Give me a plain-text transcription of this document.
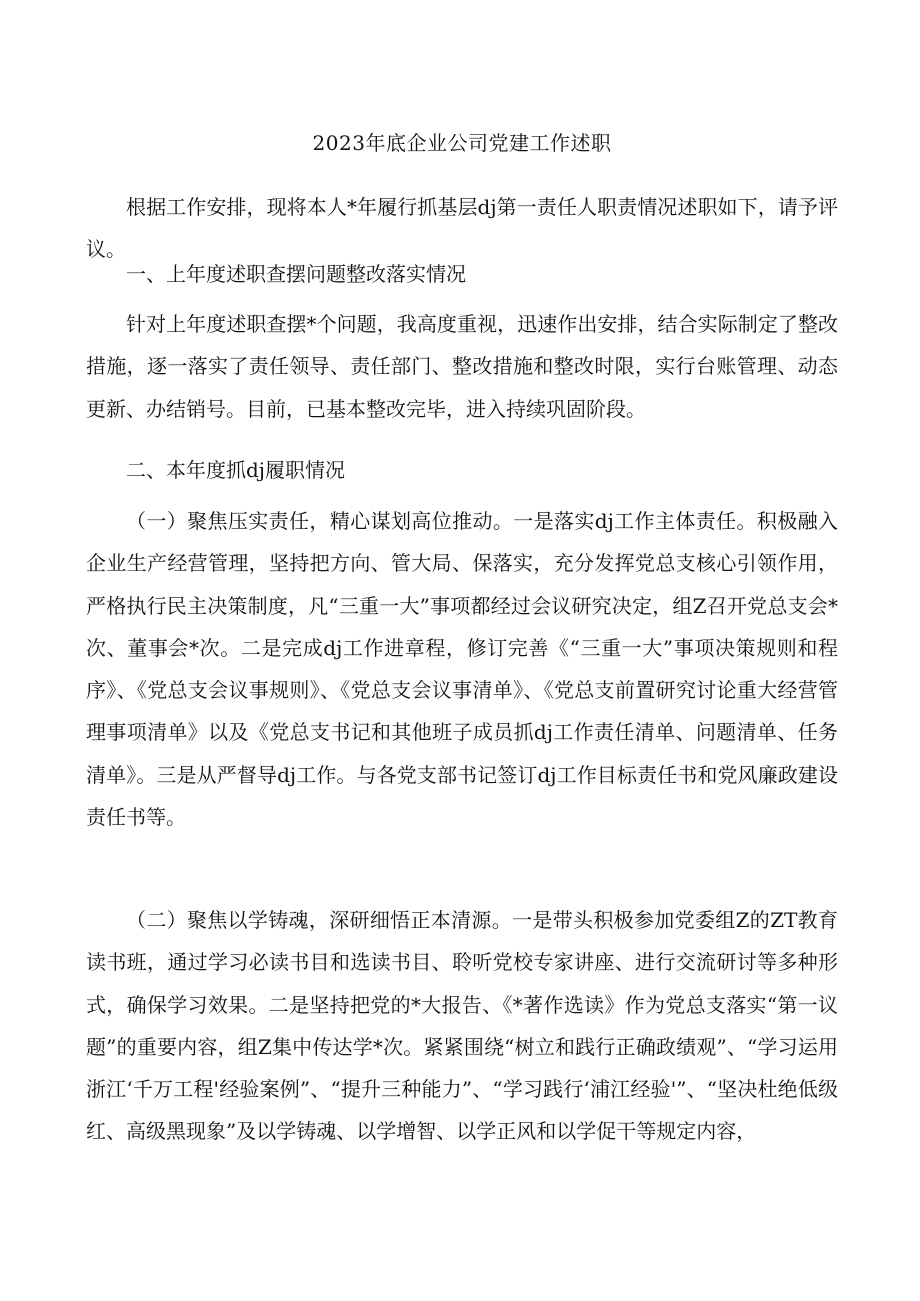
2023年底企业公司党建工作述职

根据工作安排，现将本人*年履行抓基层dj第一责任人职责情况述职如下，请予评议。

一、上年度述职查摆问题整改落实情况

针对上年度述职查摆*个问题，我高度重视，迅速作出安排，结合实际制定了整改措施，逐一落实了责任领导、责任部门、整改措施和整改时限，实行台账管理、动态更新、办结销号。目前，已基本整改完毕，进入持续巩固阶段。

二、本年度抓dj履职情况

（一）聚焦压实责任，精心谋划高位推动。一是落实dj工作主体责任。积极融入企业生产经营管理，坚持把方向、管大局、保落实，充分发挥党总支核心引领作用，严格执行民主决策制度，凡“三重一大”事项都经过会议研究决定，组Z召开党总支会*次、董事会*次。二是完成dj工作进章程，修订完善《“三重一大”事项决策规则和程序》、《党总支会议事规则》、《党总支会议事清单》、《党总支前置研究讨论重大经营管理事项清单》以及《党总支书记和其他班子成员抓dj工作责任清单、问题清单、任务清单》。三是从严督导dj工作。与各党支部书记签订dj工作目标责任书和党风廉政建设责任书等。

（二）聚焦以学铸魂，深研细悟正本清源。一是带头积极参加党委组Z的ZT教育读书班，通过学习必读书目和选读书目、聆听党校专家讲座、进行交流研讨等多种形式，确保学习效果。二是坚持把党的*大报告、《*著作选读》作为党总支落实“第一议题”的重要内容，组Z集中传达学*次。紧紧围绕“树立和践行正确政绩观”、“学习运用浙江‘千万工程'经验案例”、“提升三种能力”、“学习践行‘浦江经验'”、“坚决杜绝低级红、高级黑现象”及以学铸魂、以学增智、以学正风和以学促干等规定内容，
